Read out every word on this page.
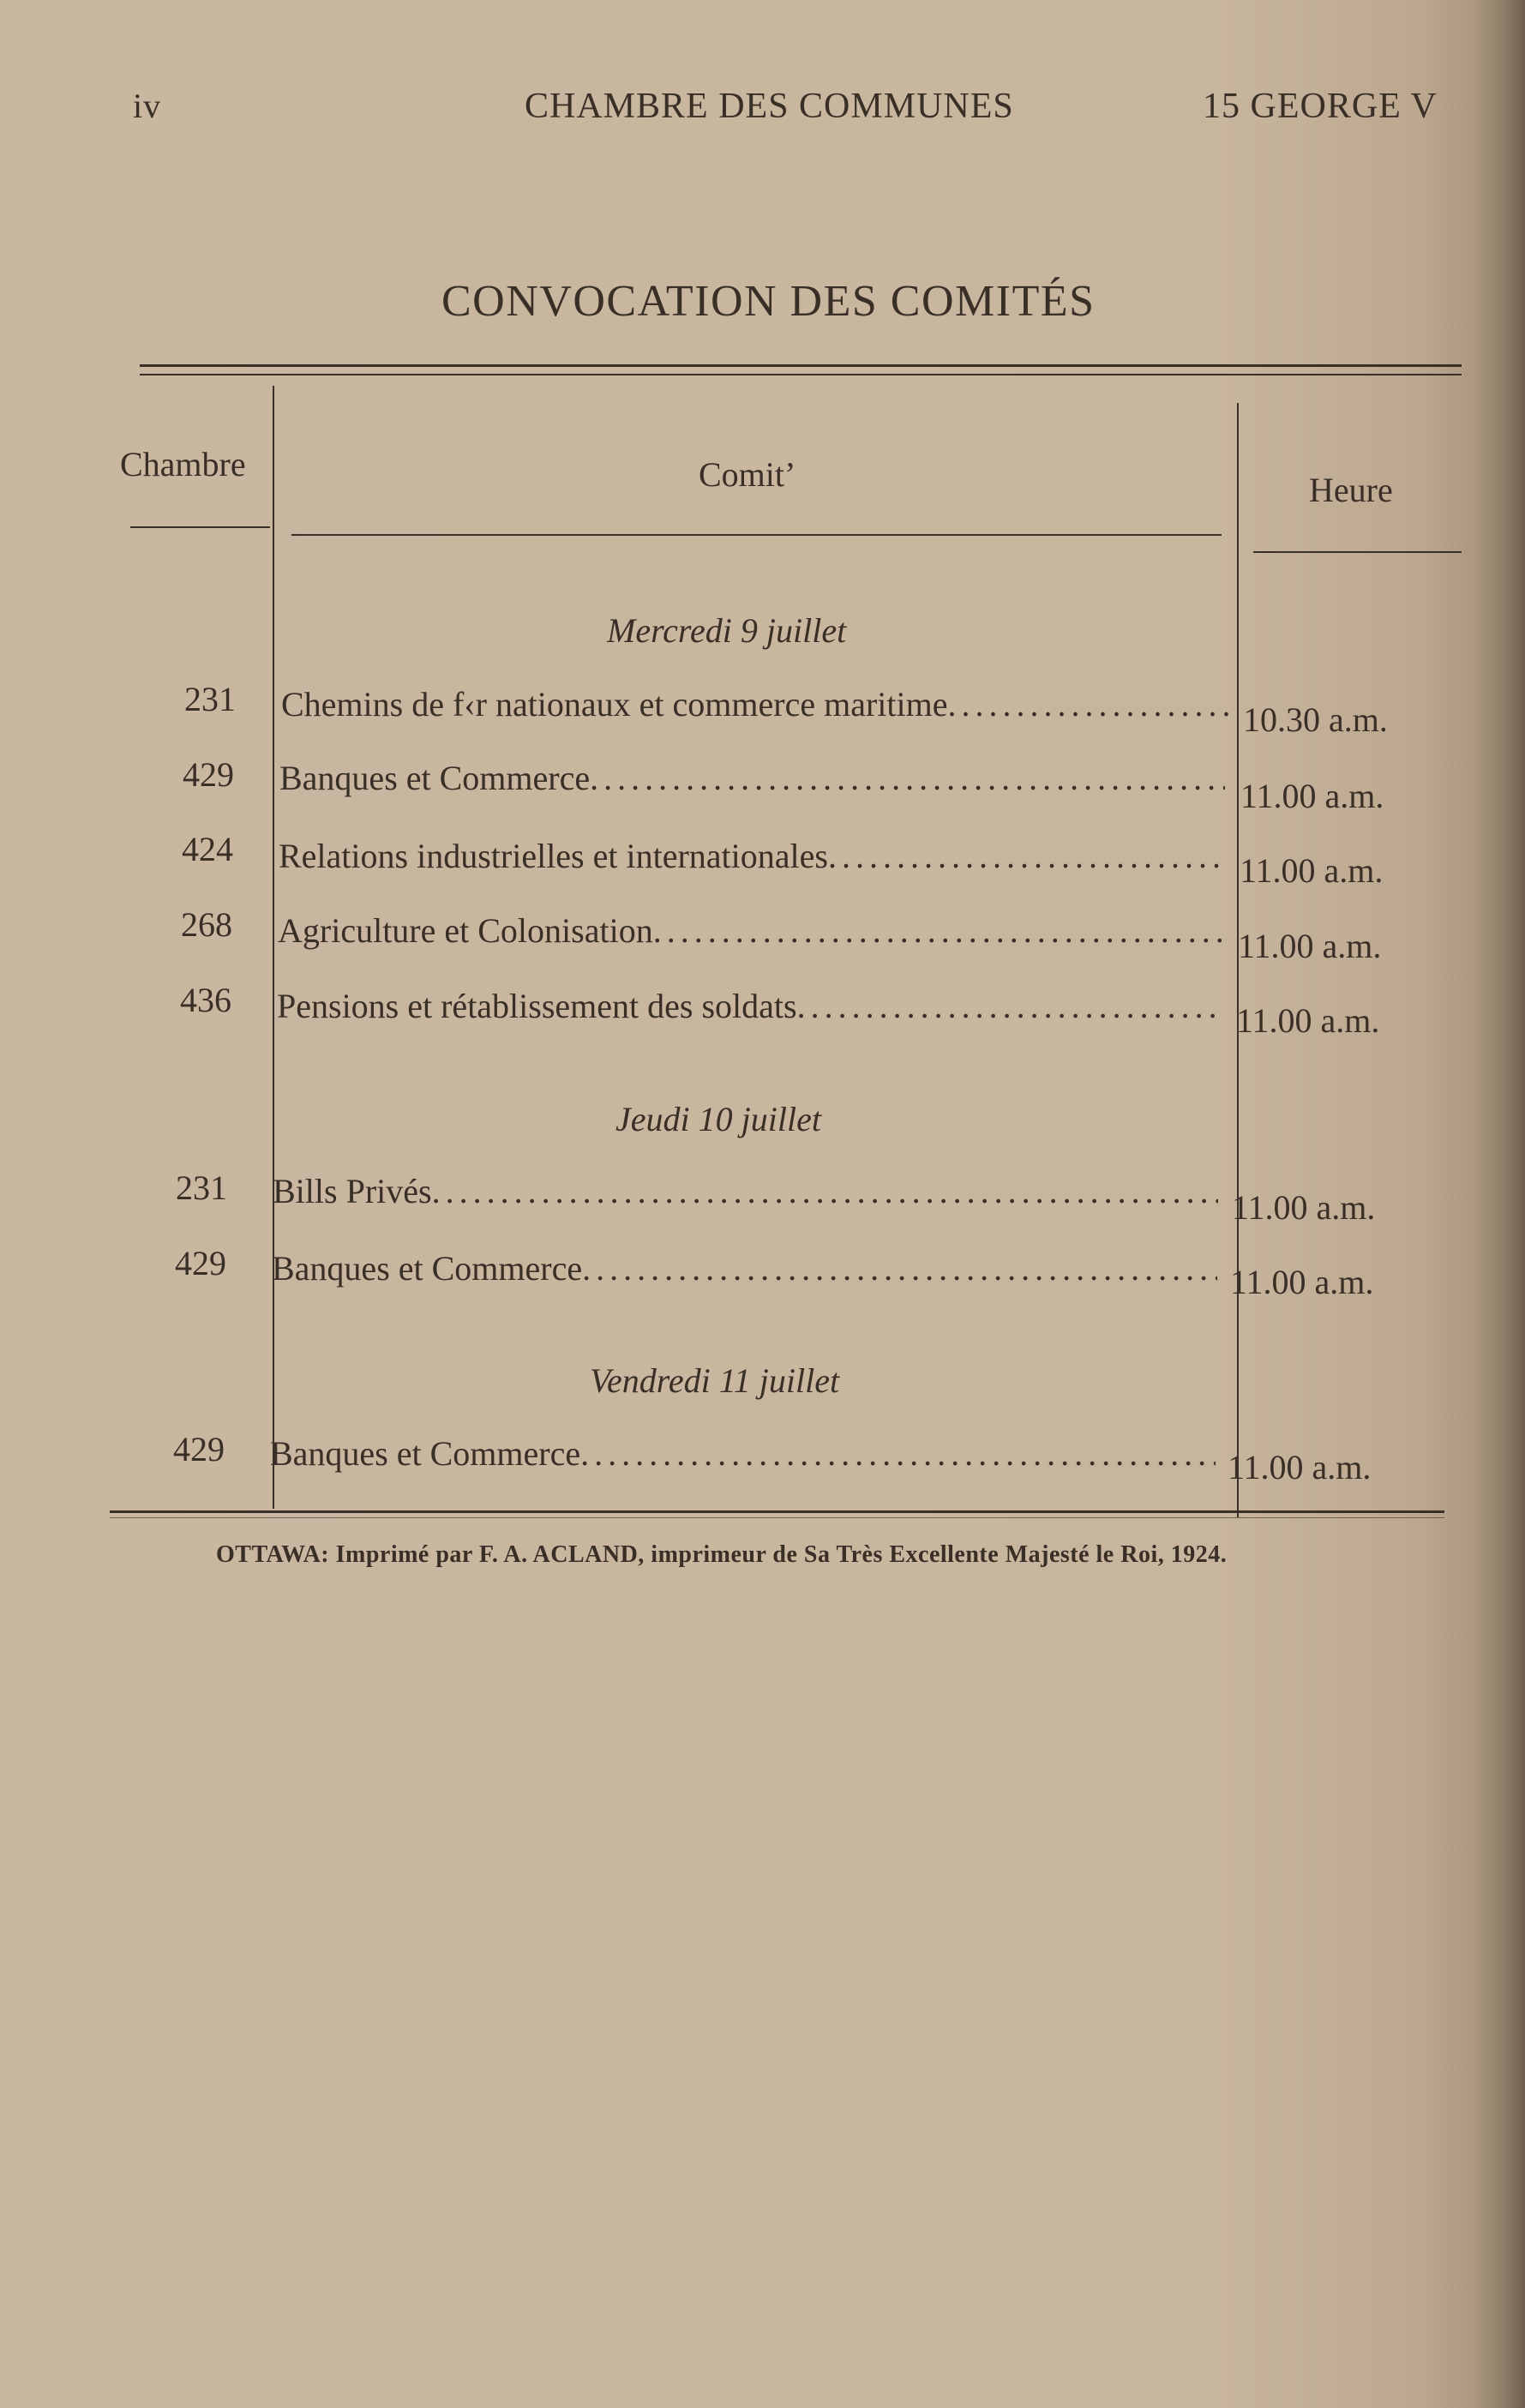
iv	CHAMBRE DES COMMUNES	15 GEORGE V
CONVOCATION DES COMITÉS
Chambre	Comitʼ	Heure
Mercredi 9 juillet
231 Chemins de f‹r nationaux et commerce maritime .....	10.30 a.m.
429 Banques et Commerce .....	11.00 a.m.
424 Relations industrielles et internationales .....	11.00 a.m.
268 Agriculture et Colonisation .....	11.00 a.m.
436 Pensions et rétablissement des soldats .....	11.00 a.m.
Jeudi 10 juillet
231 Bills Privés .....	11.00 a.m.
429 Banques et Commerce .....	11.00 a.m.
Vendredi 11 juillet
429 Banques et Commerce .....	11.00 a.m.
OTTAWA: Imprimé par F. A. ACLAND, imprimeur de Sa Très Excellente Majesté le Roi, 1924.
